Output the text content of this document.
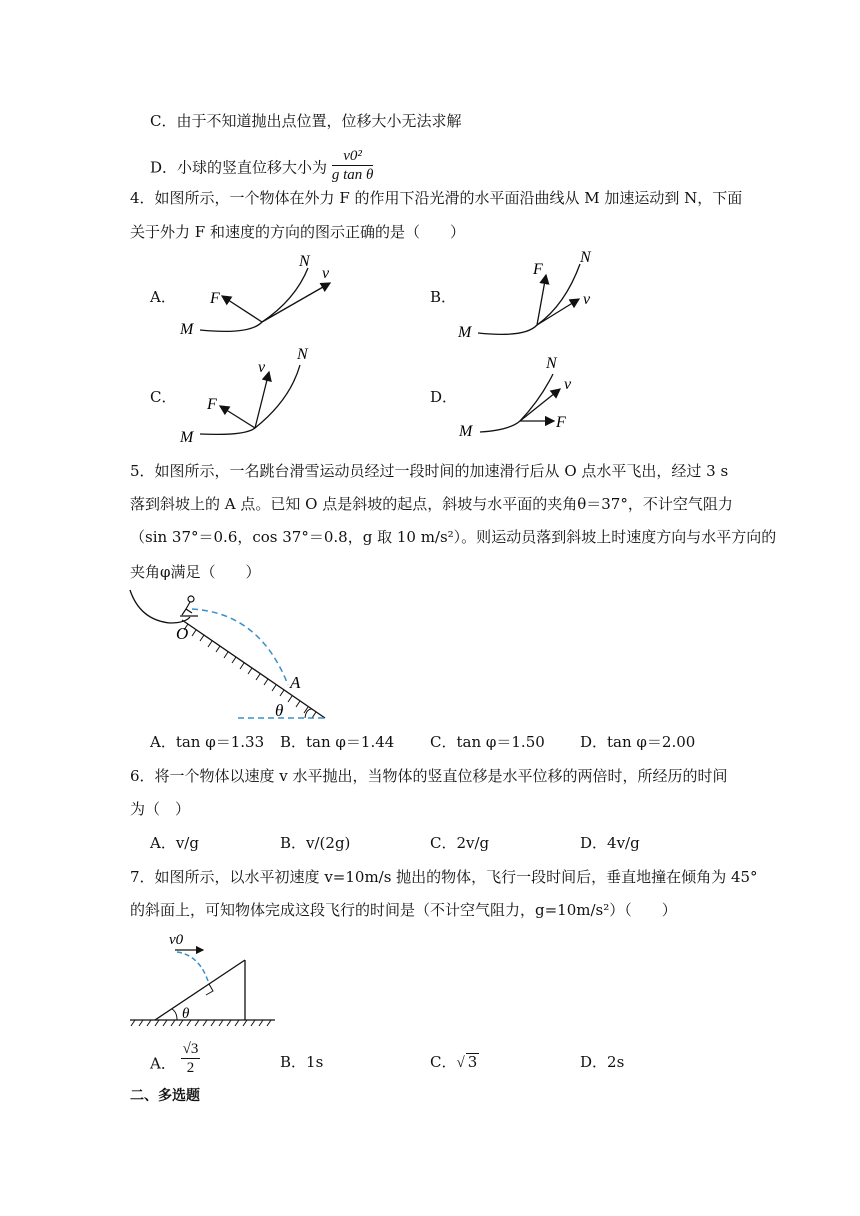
C．由于不知道抛出点位置，位移大小无法求解
D．小球的竖直位移大小为 $\frac{\text{v0²}}{\text{g tan θ}}$
4．如图所示，一个物体在外力 F 的作用下沿光滑的水平面沿曲线从 M 加速运动到 N，下面
关于外力 F 和速度的方向的图示正确的是（　　）
A．	B．
C．	D．
M
N
F
v
M
N
F
v
M
N
F
v
M
N
F
v
5．如图所示，一名跳台滑雪运动员经过一段时间的加速滑行后从 O 点水平飞出，经过 3 s
落到斜坡上的 A 点。已知 O 点是斜坡的起点，斜坡与水平面的夹角θ＝37°，不计空气阻力
（sin 37°＝0.6，cos 37°＝0.8，g 取 10 m/s²）。则运动员落到斜坡上时速度方向与水平方向的
夹角φ满足（　　）
O
A
θ
A．tan φ＝1.33 B．tan φ＝1.44 C．tan φ＝1.50 D．tan φ＝2.00
6．将一个物体以速度 v 水平抛出，当物体的竖直位移是水平位移的两倍时，所经历的时间
为（　）
A．v/g	B．v/(2g)	C．2v/g	D．4v/g
7．如图所示，以水平初速度 v=10m/s 抛出的物体，飞行一段时间后，垂直地撞在倾角为 45°
的斜面上，可知物体完成这段飞行的时间是（不计空气阻力，g=10m/s²）（　　）
v0
θ
A． $\frac{√3}{2}$	B．1s	C．√ 3	D．2s
二、多选题
